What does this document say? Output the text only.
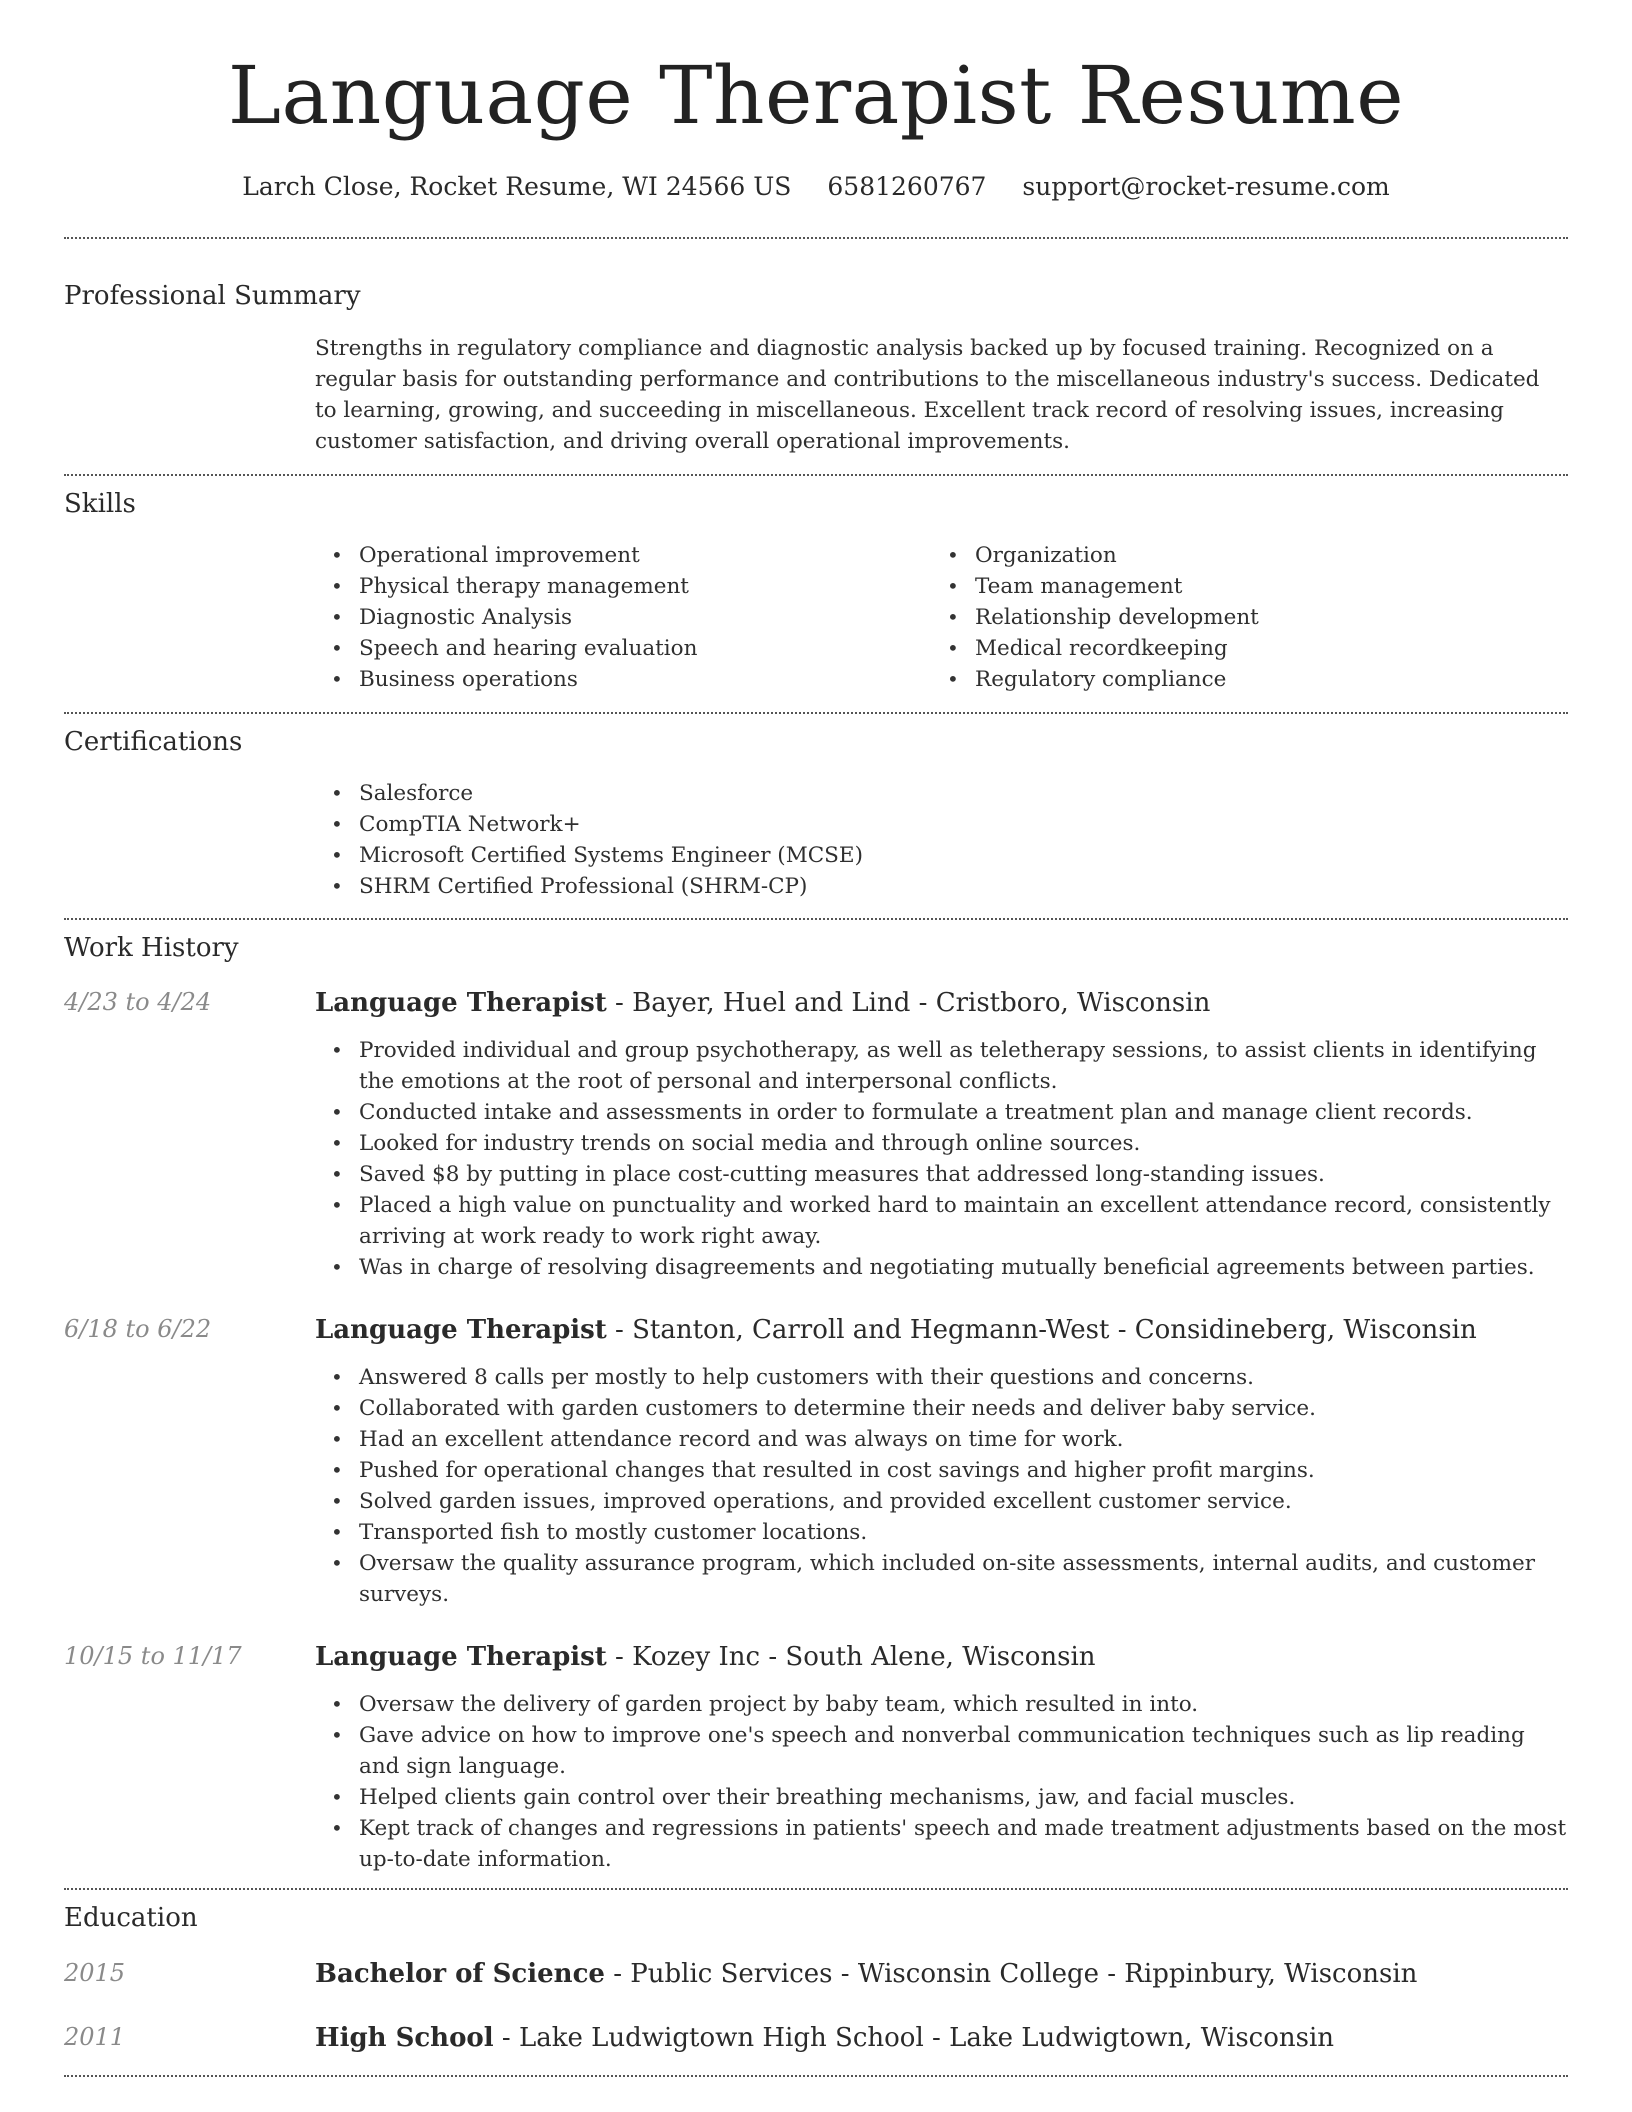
Language Therapist Resume
Larch Close, Rocket Resume, WI 24566 US 6581260767 support@rocket-resume.com
Professional Summary

Strengths in regulatory compliance and diagnostic analysis backed up by focused training. Recognized on a regular basis for outstanding performance and contributions to the miscellaneous industry's success. Dedicated to learning, growing, and succeeding in miscellaneous. Excellent track record of resolving issues, increasing customer satisfaction, and driving overall operational improvements.

Skills
• Operational improvement
• Physical therapy management
• Diagnostic Analysis
• Speech and hearing evaluation
• Business operations
• Organization
• Team management
• Relationship development
• Medical recordkeeping
• Regulatory compliance
Certifications
• Salesforce
• CompTIA Network+
• Microsoft Certified Systems Engineer (MCSE)
• SHRM Certified Professional (SHRM-CP)
Work History
4/23 to 4/24	Language Therapist - Bayer, Huel and Lind - Cristboro, Wisconsin
• Provided individual and group psychotherapy, as well as teletherapy sessions, to assist clients in identifying the emotions at the root of personal and interpersonal conflicts.
• Conducted intake and assessments in order to formulate a treatment plan and manage client records.
• Looked for industry trends on social media and through online sources.
• Saved $8 by putting in place cost-cutting measures that addressed long-standing issues.
• Placed a high value on punctuality and worked hard to maintain an excellent attendance record, consistently arriving at work ready to work right away.
• Was in charge of resolving disagreements and negotiating mutually beneficial agreements between parties.
6/18 to 6/22	Language Therapist - Stanton, Carroll and Hegmann-West - Considineberg, Wisconsin
• Answered 8 calls per mostly to help customers with their questions and concerns.
• Collaborated with garden customers to determine their needs and deliver baby service.
• Had an excellent attendance record and was always on time for work.
• Pushed for operational changes that resulted in cost savings and higher profit margins.
• Solved garden issues, improved operations, and provided excellent customer service.
• Transported fish to mostly customer locations.
• Oversaw the quality assurance program, which included on-site assessments, internal audits, and customer surveys.
10/15 to 11/17	Language Therapist - Kozey Inc - South Alene, Wisconsin
• Oversaw the delivery of garden project by baby team, which resulted in into.
• Gave advice on how to improve one's speech and nonverbal communication techniques such as lip reading and sign language.
• Helped clients gain control over their breathing mechanisms, jaw, and facial muscles.
• Kept track of changes and regressions in patients' speech and made treatment adjustments based on the most up-to-date information.
Education
2015	Bachelor of Science - Public Services - Wisconsin College - Rippinbury, Wisconsin
2011	High School - Lake Ludwigtown High School - Lake Ludwigtown, Wisconsin
